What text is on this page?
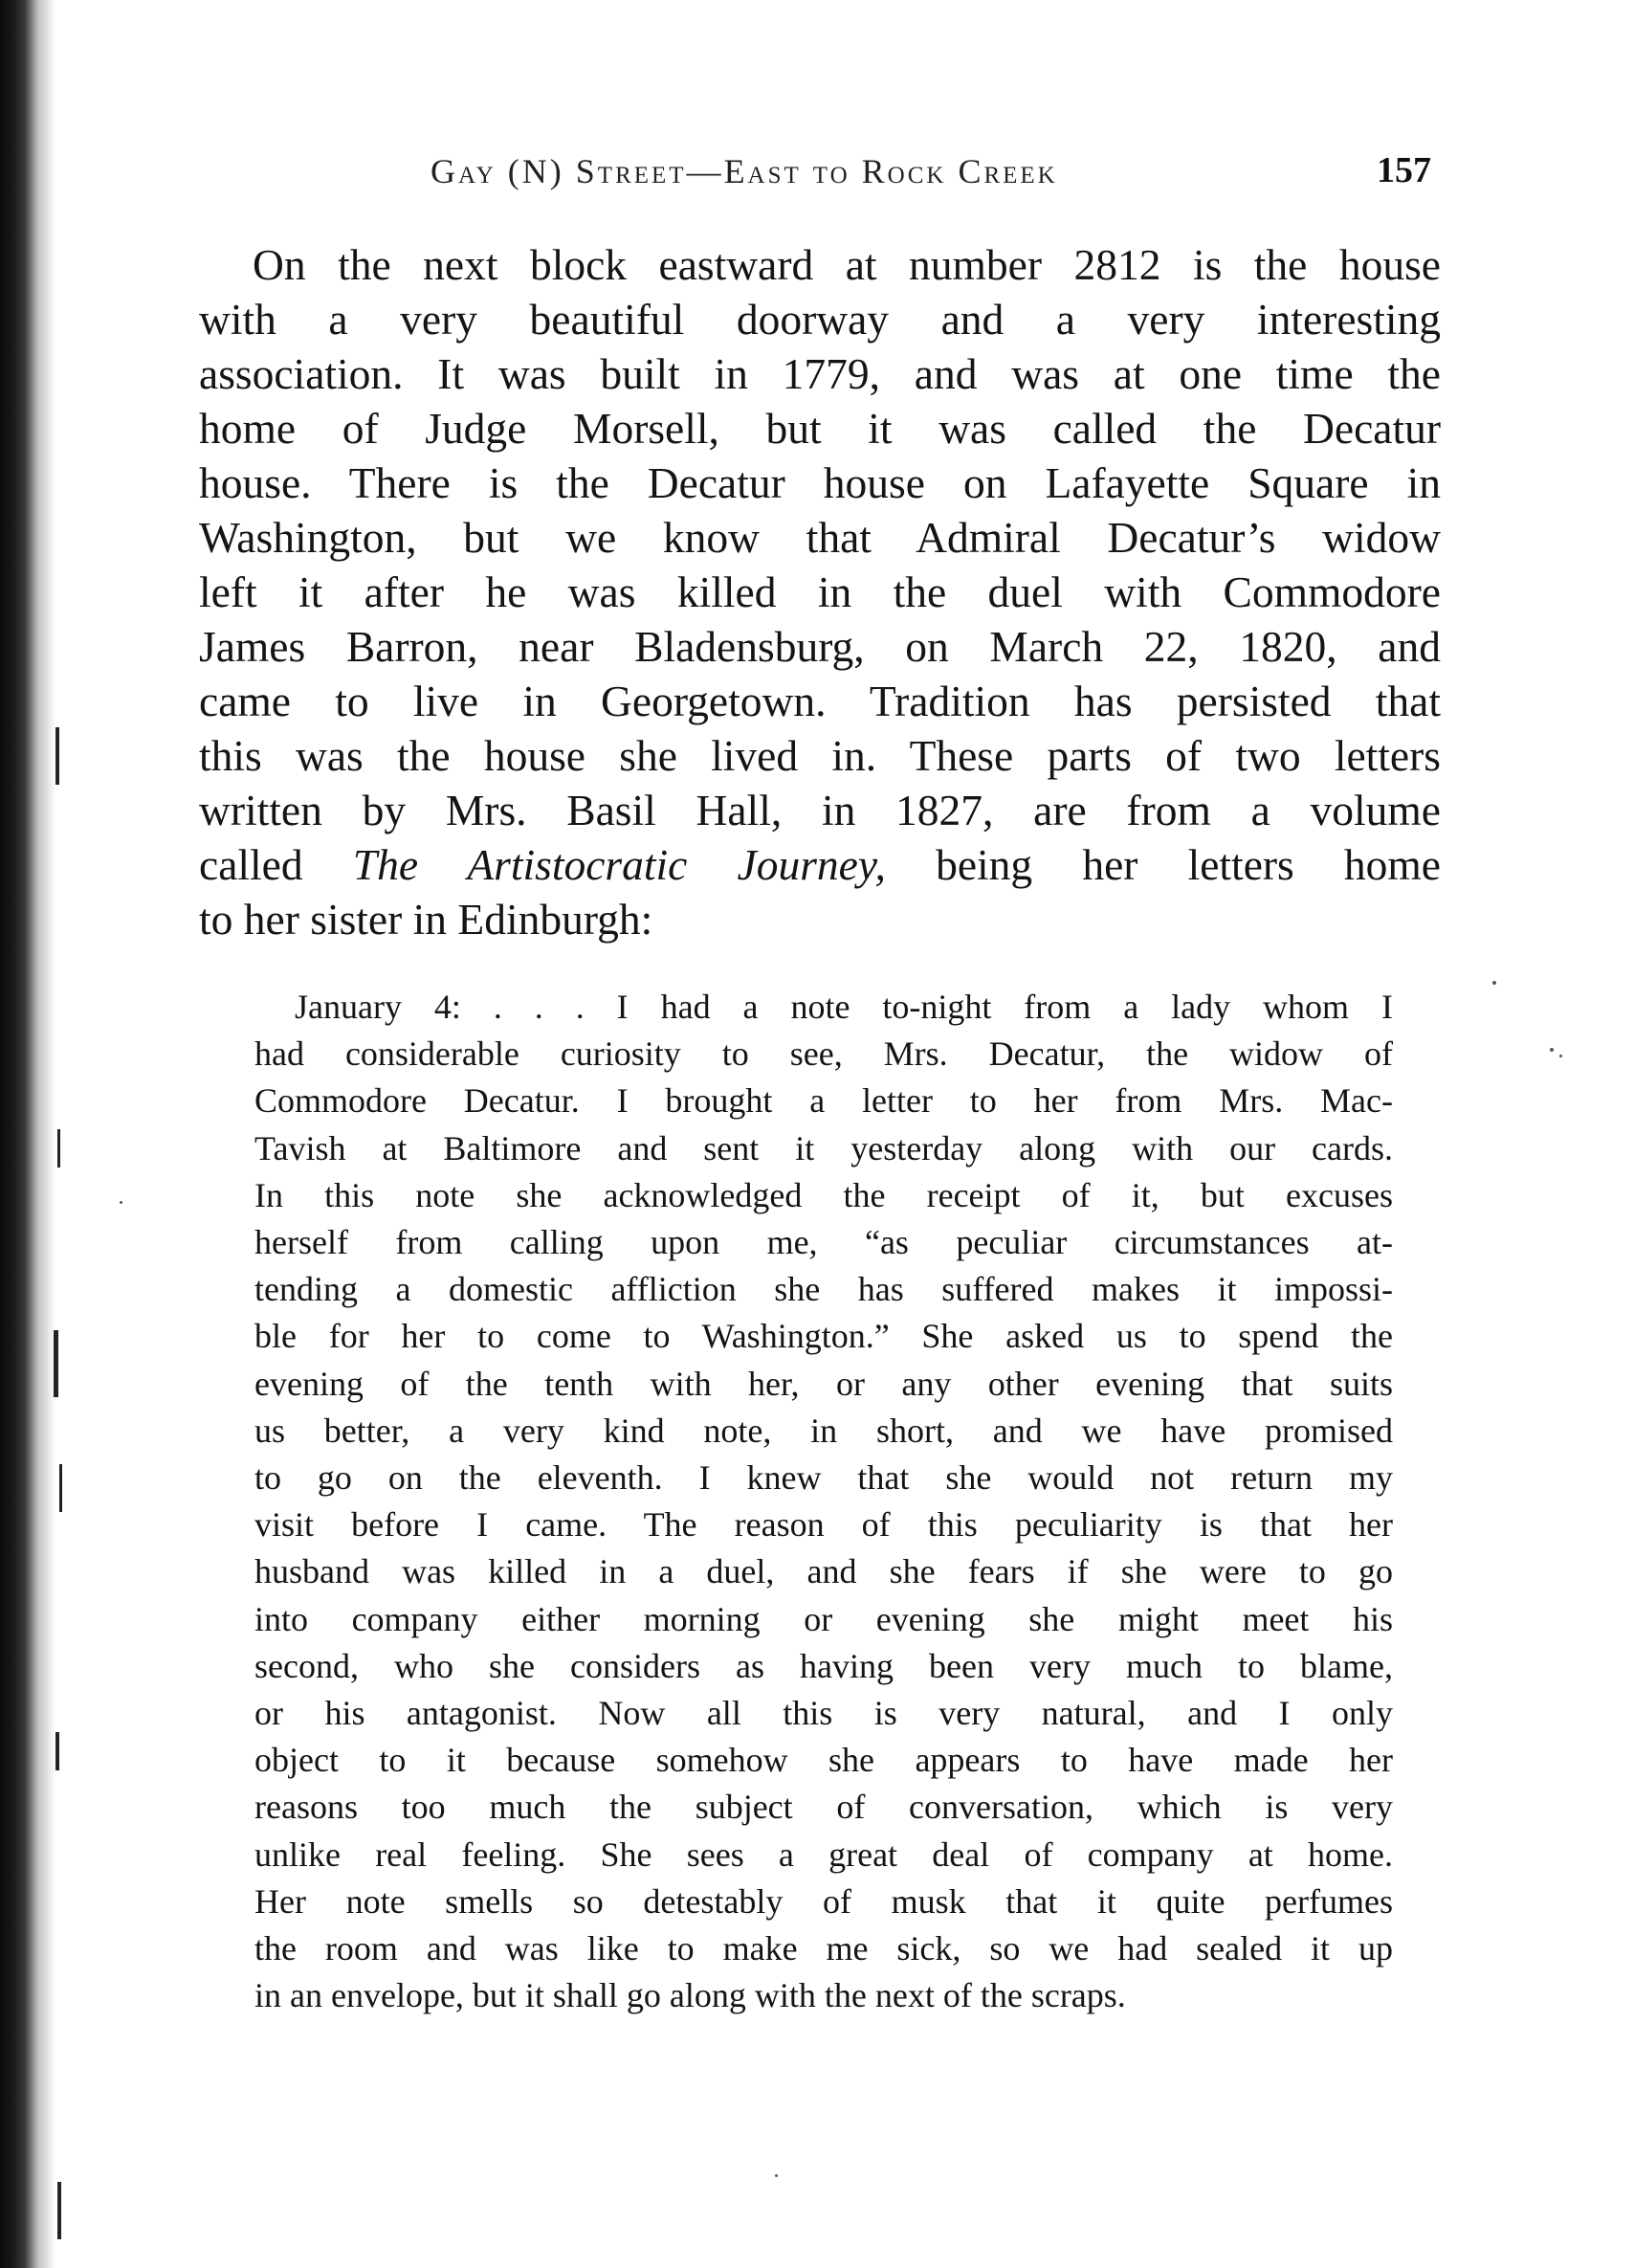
Gay (N) Street—East to Rock Creek	157
On the next block eastward at number 2812 is the house
with a very beautiful doorway and a very interesting
association. It was built in 1779, and was at one time the
home of Judge Morsell, but it was called the Decatur
house. There is the Decatur house on Lafayette Square in
Washington, but we know that Admiral Decatur’s widow
left it after he was killed in the duel with Commodore
James Barron, near Bladensburg, on March 22, 1820, and
came to live in Georgetown. Tradition has persisted that
this was the house she lived in. These parts of two letters
written by Mrs. Basil Hall, in 1827, are from a volume
called The Artistocratic Journey, being her letters home
to her sister in Edinburgh:
January 4: . . . I had a note to-night from a lady whom I
had considerable curiosity to see, Mrs. Decatur, the widow of
Commodore Decatur. I brought a letter to her from Mrs. Mac-
Tavish at Baltimore and sent it yesterday along with our cards.
In this note she acknowledged the receipt of it, but excuses
herself from calling upon me, “as peculiar circumstances at-
tending a domestic affliction she has suffered makes it impossi-
ble for her to come to Washington.” She asked us to spend the
evening of the tenth with her, or any other evening that suits
us better, a very kind note, in short, and we have promised
to go on the eleventh. I knew that she would not return my
visit before I came. The reason of this peculiarity is that her
husband was killed in a duel, and she fears if she were to go
into company either morning or evening she might meet his
second, who she considers as having been very much to blame,
or his antagonist. Now all this is very natural, and I only
object to it because somehow she appears to have made her
reasons too much the subject of conversation, which is very
unlike real feeling. She sees a great deal of company at home.
Her note smells so detestably of musk that it quite perfumes
the room and was like to make me sick, so we had sealed it up
in an envelope, but it shall go along with the next of the scraps.
